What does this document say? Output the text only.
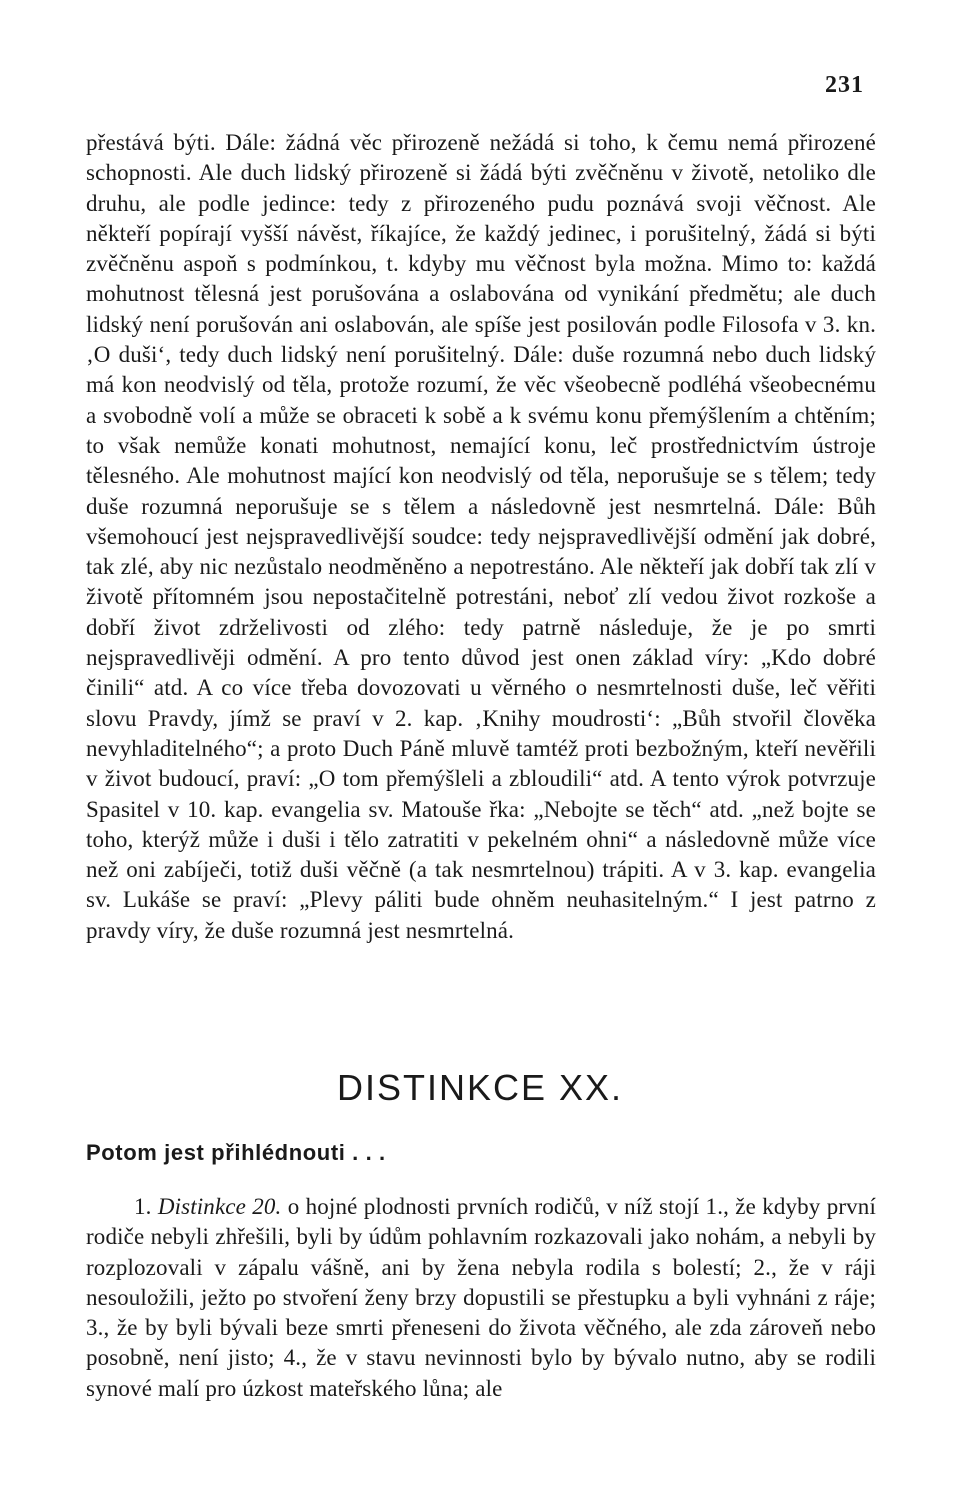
231

přestává býti. Dále: žádná věc přirozeně nežádá si toho, k čemu nemá přirozené schopnosti. Ale duch lidský přirozeně si žádá býti zvěčněnu v životě, netoliko dle druhu, ale podle jedince: tedy z přirozeného pudu poznává svoji věčnost. Ale někteří popírají vyšší návěst, říkajíce, že každý jedinec, i porušitelný, žádá si býti zvěčněnu aspoň s podmínkou, t. kdyby mu věčnost byla možna. Mimo to: každá mohutnost tělesná jest porušována a oslabována od vynikání předmětu; ale duch lidský není porušován ani oslabován, ale spíše jest posilován podle Filosofa v 3. kn. ‚O duši‘, tedy duch lidský není porušitelný. Dále: duše rozumná nebo duch lidský má kon neodvislý od těla, protože rozumí, že věc všeobecně podléhá všeobecnému a svobodně volí a může se obraceti k sobě a k svému konu přemýšlením a chtěním; to však nemůže konati mohutnost, nemající konu, leč prostřednictvím ústroje tělesného. Ale mohutnost mající kon neodvislý od těla, neporušuje se s tělem; tedy duše rozumná neporušuje se s tělem a následovně jest nesmrtelná. Dále: Bůh všemohoucí jest nejspravedlivější soudce: tedy nejspravedlivější odmění jak dobré, tak zlé, aby nic nezůstalo neodměněno a nepotrestáno. Ale někteří jak dobří tak zlí v životě přítomném jsou nepostačitelně potrestáni, neboť zlí vedou život rozkoše a dobří život zdrželivosti od zlého: tedy patrně následuje, že je po smrti nejspravedlivěji odmění. A pro tento důvod jest onen základ víry: „Kdo dobré činili“ atd. A co více třeba dovozovati u věrného o nesmrtelnosti duše, leč věřiti slovu Pravdy, jímž se praví v 2. kap. ‚Knihy moudrosti‘: „Bůh stvořil člověka nevyhladitelného“; a proto Duch Páně mluvě tamtéž proti bezbožným, kteří nevěřili v život budoucí, praví: „O tom přemýšleli a zbloudili“ atd. A tento výrok potvrzuje Spasitel v 10. kap. evangelia sv. Matouše řka: „Nebojte se těch“ atd. „než bojte se toho, kterýž může i duši i tělo zatratiti v pekelném ohni“ a následovně může více než oni zabíječi, totiž duši věčně (a tak nesmrtelnou) trápiti. A v 3. kap. evangelia sv. Lukáše se praví: „Plevy páliti bude ohněm neuhasitelným.“ I jest patrno z pravdy víry, že duše rozumná jest nesmrtelná.

DISTINKCE XX.

Potom jest přihlédnouti . . .

1. Distinkce 20. o hojné plodnosti prvních rodičů, v níž stojí 1., že kdyby první rodiče nebyli zhřešili, byli by údům pohlavním rozkazovali jako nohám, a nebyli by rozplozovali v zápalu vášně, ani by žena nebyla rodila s bolestí; 2., že v ráji nesouložili, ježto po stvoření ženy brzy dopustili se přestupku a byli vyhnáni z ráje; 3., že by byli bývali beze smrti přeneseni do života věčného, ale zda zároveň nebo posobně, není jisto; 4., že v stavu nevinnosti bylo by bývalo nutno, aby se rodili synové malí pro úzkost mateřského lůna; ale
